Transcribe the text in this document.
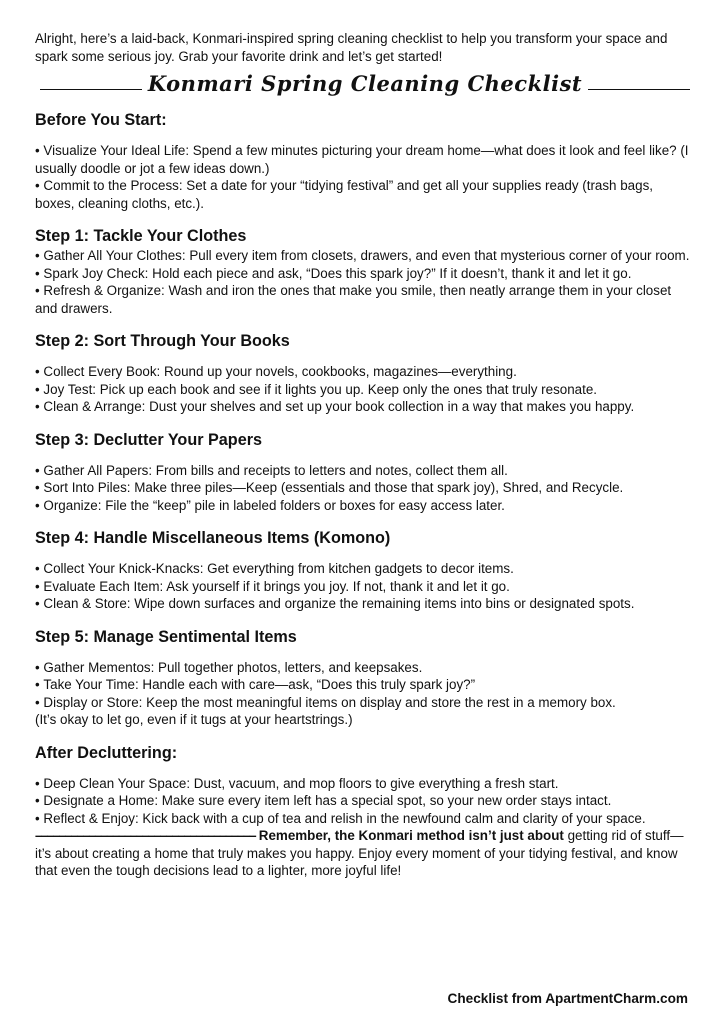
Alright, here’s a laid-back, Konmari-inspired spring cleaning checklist to help you transform your space and spark some serious joy. Grab your favorite drink and let’s get started!

Konmari Spring Cleaning Checklist
Before You Start:

• Visualize Your Ideal Life: Spend a few minutes picturing your dream home—what does it look and feel like? (I usually doodle or jot a few ideas down.)

• Commit to the Process: Set a date for your “tidying festival” and get all your supplies ready (trash bags, boxes, cleaning cloths, etc.).

Step 1: Tackle Your Clothes

• Gather All Your Clothes: Pull every item from closets, drawers, and even that mysterious corner of your room.

• Spark Joy Check: Hold each piece and ask, “Does this spark joy?” If it doesn’t, thank it and let it go.

• Refresh & Organize: Wash and iron the ones that make you smile, then neatly arrange them in your closet and drawers.

Step 2: Sort Through Your Books

• Collect Every Book: Round up your novels, cookbooks, magazines—everything.

• Joy Test: Pick up each book and see if it lights you up. Keep only the ones that truly resonate.

• Clean & Arrange: Dust your shelves and set up your book collection in a way that makes you happy.

Step 3: Declutter Your Papers

• Gather All Papers: From bills and receipts to letters and notes, collect them all.

• Sort Into Piles: Make three piles—Keep (essentials and those that spark joy), Shred, and Recycle.

• Organize: File the “keep” pile in labeled folders or boxes for easy access later.

Step 4: Handle Miscellaneous Items (Komono)

• Collect Your Knick-Knacks: Get everything from kitchen gadgets to decor items.

• Evaluate Each Item: Ask yourself if it brings you joy. If not, thank it and let it go.

• Clean & Store: Wipe down surfaces and organize the remaining items into bins or designated spots.

Step 5: Manage Sentimental Items

• Gather Mementos: Pull together photos, letters, and keepsakes.

• Take Your Time: Handle each with care—ask, “Does this truly spark joy?”

• Display or Store: Keep the most meaningful items on display and store the rest in a memory box.

(It’s okay to let go, even if it tugs at your heartstrings.)

After Decluttering:

• Deep Clean Your Space: Dust, vacuum, and mop floors to give everything a fresh start.

• Designate a Home: Make sure every item left has a special spot, so your new order stays intact.

• Reflect & Enjoy: Kick back with a cup of tea and relish in the newfound calm and clarity of your space.

––––––––––––––––––––––––––––––––––––– Remember, the Konmari method isn’t just about getting rid of stuff—it’s about creating a home that truly makes you happy. Enjoy every moment of your tidying festival, and know that even the tough decisions lead to a lighter, more joyful life!

Checklist from ApartmentCharm.com
